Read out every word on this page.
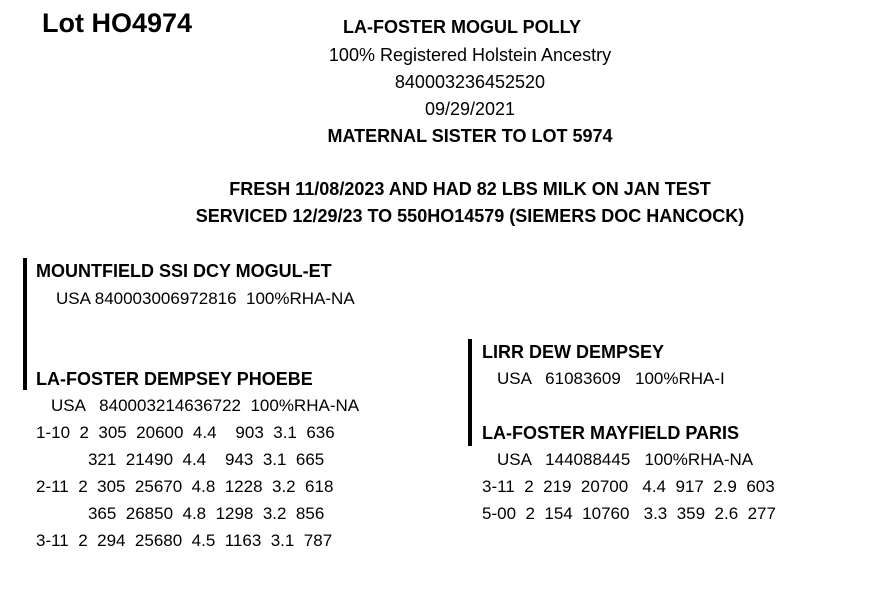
Lot HO4974	LA-FOSTER MOGUL POLLY
100% Registered Holstein Ancestry
840003236452520
09/29/2021
MATERNAL SISTER TO LOT 5974
FRESH 11/08/2023 AND HAD 82 LBS MILK ON JAN TEST
SERVICED 12/29/23 TO 550HO14579 (SIEMERS DOC HANCOCK)
MOUNTFIELD SSI DCY MOGUL-ET
USA 840003006972816  100%RHA-NA
LA-FOSTER DEMPSEY PHOEBE
USA   840003214636722  100%RHA-NA
1-10  2  305  20600  4.4    903  3.1  636
321  21490  4.4    943  3.1  665
2-11  2  305  25670  4.8  1228  3.2  618
365  26850  4.8  1298  3.2  856
3-11  2  294  25680  4.5  1163  3.1  787
LIRR DEW DEMPSEY
USA   61083609   100%RHA-I
LA-FOSTER MAYFIELD PARIS
USA   144088445   100%RHA-NA
3-11  2  219  20700   4.4  917  2.9  603
5-00  2  154  10760   3.3  359  2.6  277
